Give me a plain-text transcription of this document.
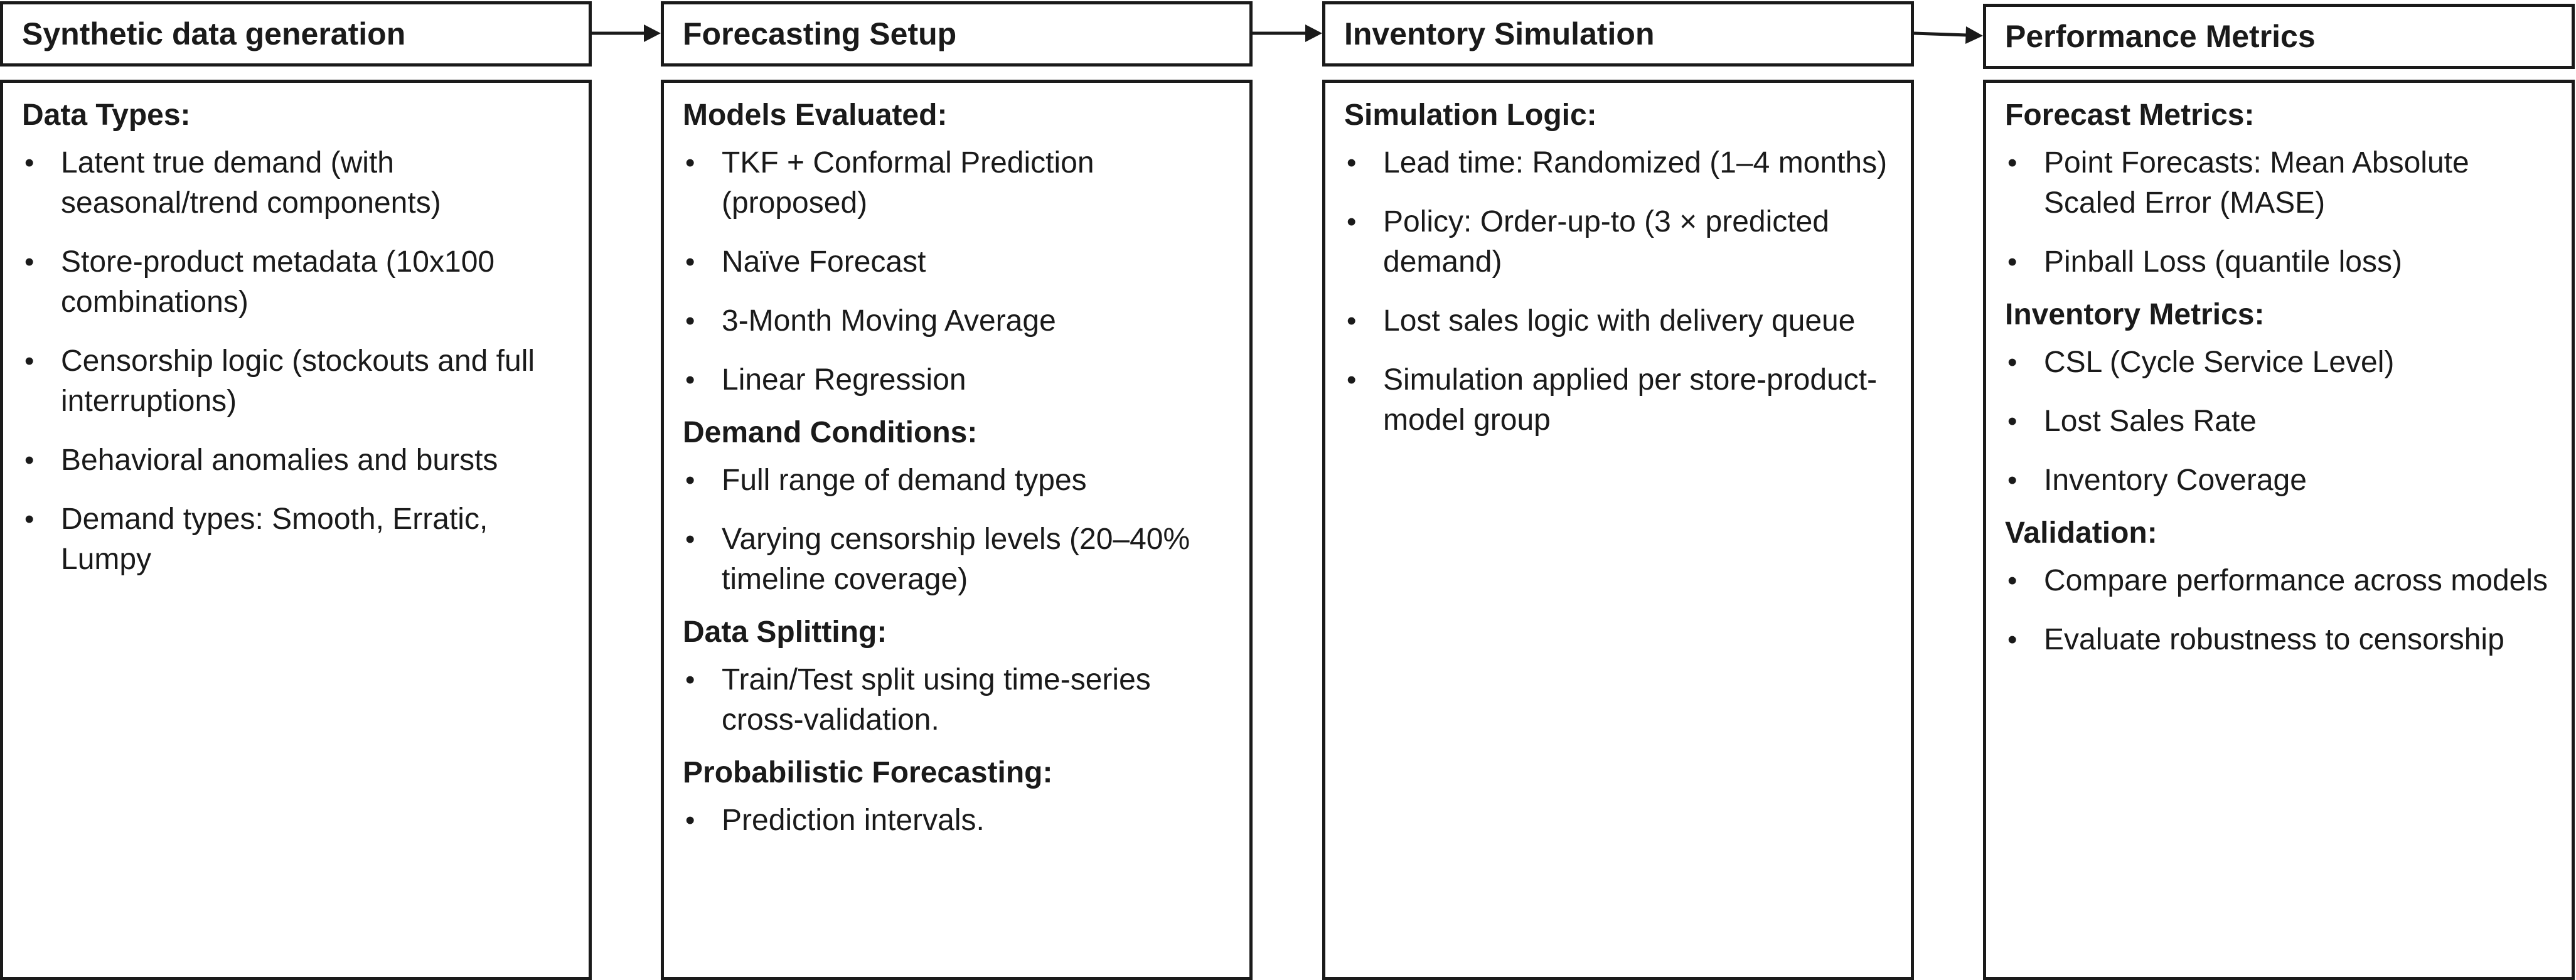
Synthetic data generation
Data Types:
• Latent true demand (with seasonal/trend components)
• Store-product metadata (10x100 combinations)
• Censorship logic (stockouts and full interruptions)
• Behavioral anomalies and bursts
• Demand types: Smooth, Erratic, Lumpy
Forecasting Setup
Models Evaluated:
• TKF + Conformal Prediction (proposed)
• Naïve Forecast
• 3-Month Moving Average
• Linear Regression
Demand Conditions:
• Full range of demand types
• Varying censorship levels (20–40% timeline coverage)
Data Splitting:
• Train/Test split using time-series cross-validation.
Probabilistic Forecasting:
• Prediction intervals.
Inventory Simulation
Simulation Logic:
• Lead time: Randomized (1–4 months)
• Policy: Order-up-to (3 × predicted demand)
• Lost sales logic with delivery queue
• Simulation applied per store-product-model group
Performance Metrics
Forecast Metrics:
• Point Forecasts: Mean Absolute Scaled Error (MASE)
• Pinball Loss (quantile loss)
Inventory Metrics:
• CSL (Cycle Service Level)
• Lost Sales Rate
• Inventory Coverage
Validation:
• Compare performance across models
• Evaluate robustness to censorship
